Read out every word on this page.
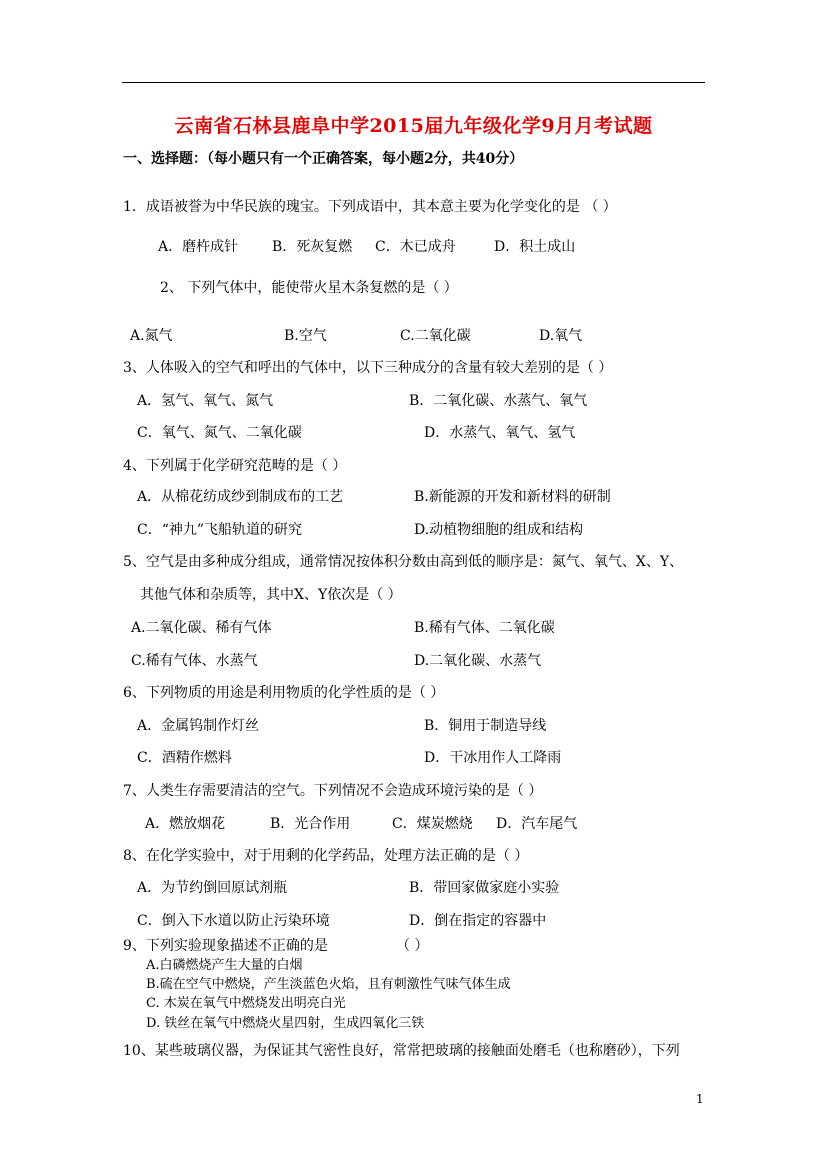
云南省石林县鹿阜中学2015届九年级化学9月月考试题
一、选择题：（每小题只有一个正确答案，每小题2分，共40分）
1．成语被誉为中华民族的瑰宝。下列成语中，其本意主要为化学变化的是 （ ）
A．磨杵成针 B．死灰复燃 C．木已成舟	D．积土成山
2、 下列气体中，能使带火星木条复燃的是（ ）
A.氮气	B.空气	C.二氧化碳	D.氧气
3、人体吸入的空气和呼出的气体中，以下三种成分的含量有较大差别的是（ ）
A．氢气、氧气、氮气	B．二氧化碳、水蒸气、氧气
C．氧气、氮气、二氧化碳	D．水蒸气、氧气、氢气
4、下列属于化学研究范畴的是（ ）
A．从棉花纺成纱到制成布的工艺	B.新能源的开发和新材料的研制
C．“神九”飞船轨道的研究	D.动植物细胞的组成和结构
5、空气是由多种成分组成，通常情况按体积分数由高到低的顺序是：氮气、氧气、X、Y、
其他气体和杂质等，其中X、Y依次是（ ）
A.二氧化碳、稀有气体	B.稀有气体、二氧化碳
C.稀有气体、水蒸气	D.二氧化碳、水蒸气
6、下列物质的用途是利用物质的化学性质的是（ ）
A．金属钨制作灯丝	B．铜用于制造导线
C．酒精作燃料	D．干冰用作人工降雨
7、人类生存需要清洁的空气。下列情况不会造成环境污染的是（ ）
A．燃放烟花	B．光合作用	C．煤炭燃烧 D．汽车尾气
8、在化学实验中，对于用剩的化学药品，处理方法正确的是（ ）
A．为节约倒回原试剂瓶	B．带回家做家庭小实验
C．倒入下水道以防止污染环境	D．倒在指定的容器中
9、下列实验现象描述不正确的是	（ ）
A.白磷燃烧产生大量的白烟
B.硫在空气中燃烧，产生淡蓝色火焰，且有刺激性气味气体生成
C. 木炭在氧气中燃烧发出明亮白光
D. 铁丝在氧气中燃烧火星四射，生成四氧化三铁
10、某些玻璃仪器，为保证其气密性良好，常常把玻璃的接触面处磨毛（也称磨砂），下列
1
